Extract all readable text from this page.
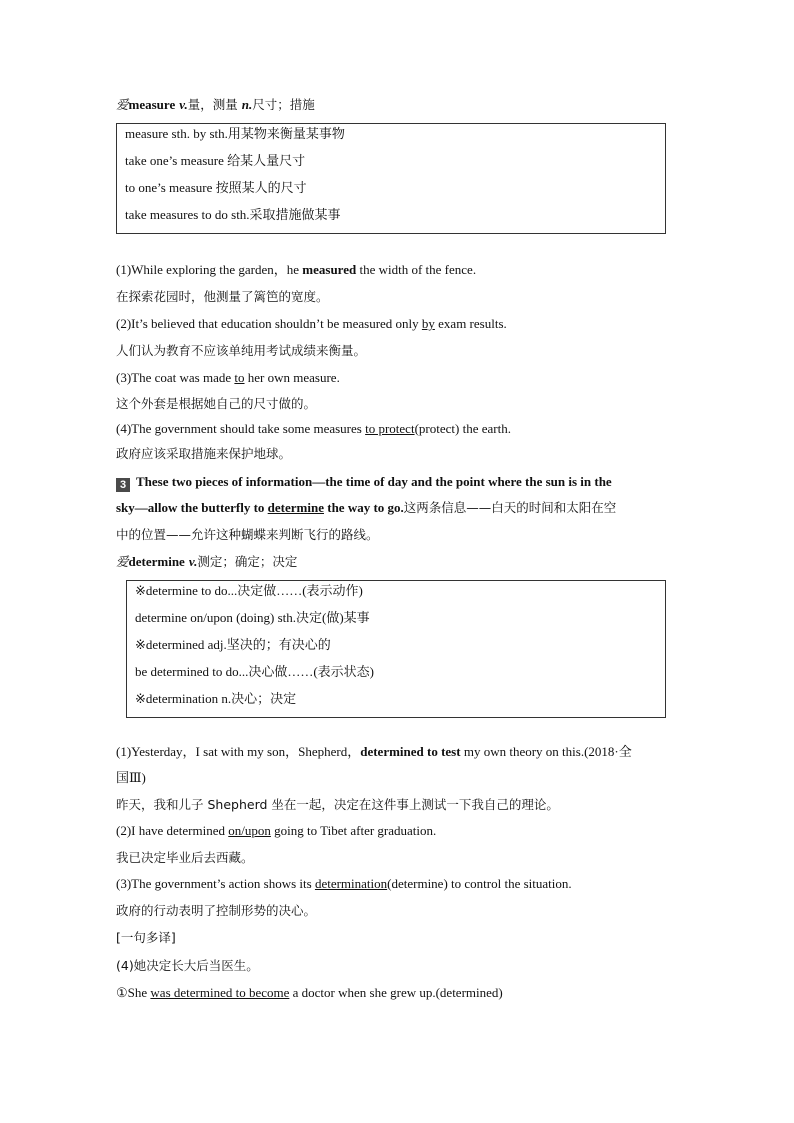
爱measure v.量，测量 n.尺寸；措施
measure sth. by sth.用某物来衡量某事物
take one’s measure 给某人量尺寸
to one’s measure 按照某人的尺寸
take measures to do sth.采取措施做某事
(1)While exploring the garden，he measured the width of the fence.
在探索花园时，他测量了篱笆的宽度。
(2)It’s believed that education shouldn’t be measured only by exam results.
人们认为教育不应该单纯用考试成绩来衡量。
(3)The coat was made to her own measure.
这个外套是根据她自己的尺寸做的。
(4)The government should take some measures to protect(protect) the earth.
政府应该采取措施来保护地球。
3 These two pieces of information—the time of day and the point where the sun is in the
sky—allow the butterfly to determine the way to go.这两条信息——白天的时间和太阳在空
中的位置——允许这种蝴蝶来判断飞行的路线。
爱determine v.测定；确定；决定
※determine to do...决定做……(表示动作)
determine on/upon (doing) sth.决定(做)某事
※determined adj.坚决的；有决心的
be determined to do...决心做……(表示状态)
※determination n.决心；决定
(1)Yesterday，I sat with my son，Shepherd，determined to test my own theory on this.(2018·全
国Ⅲ)
昨天，我和儿子 Shepherd 坐在一起，决定在这件事上测试一下我自己的理论。
(2)I have determined on/upon going to Tibet after graduation.
我已决定毕业后去西藏。
(3)The government’s action shows its determination(determine) to control the situation.
政府的行动表明了控制形势的决心。
[一句多译]
(4)她决定长大后当医生。
①She was determined to become a doctor when she grew up.(determined)
